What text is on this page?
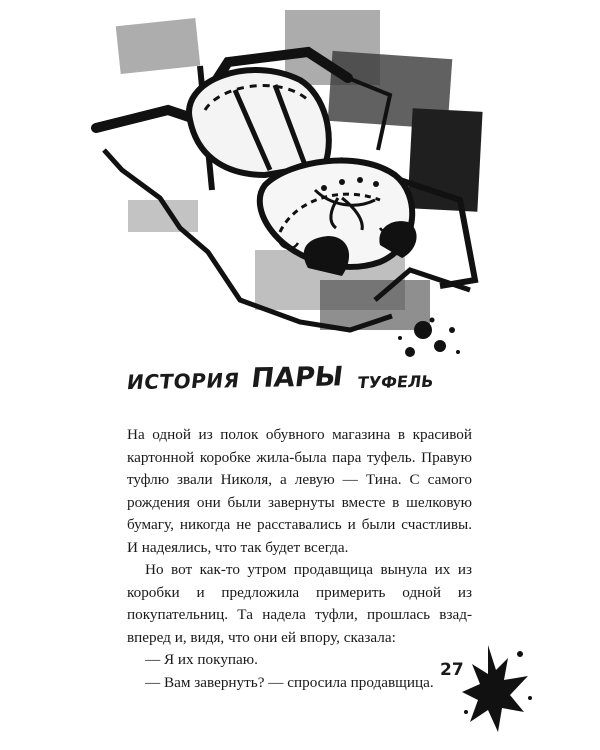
ИСТОРИЯ ПАРЫ ТУФЕЛЬ

На одной из полок обувного магазина в красивой картонной коробке жила-была пара туфель. Правую туфлю звали Николя, а левую — Тина. С самого рождения они были завернуты вместе в шелковую бумагу, никогда не расставались и были счастливы. И надеялись, что так будет всегда.

Но вот как-то утром продавщица вынула их из коробки и предложила примерить одной из покупательниц. Та надела туфли, прошлась взад-вперед и, видя, что они ей впору, сказала:

— Я их покупаю.

— Вам завернуть? — спросила продавщица.

27
